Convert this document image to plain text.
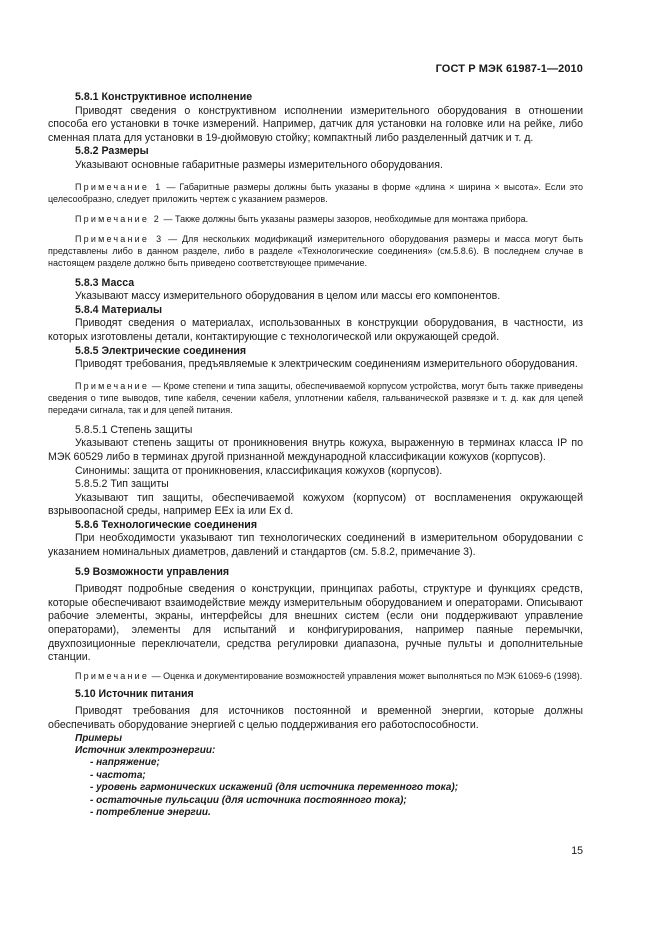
ГОСТ Р МЭК 61987-1—2010

5.8.1 Конструктивное исполнение

Приводят сведения о конструктивном исполнении измерительного оборудования в отношении способа его установки в точке измерений. Например, датчик для установки на головке или на рейке, либо сменная плата для установки в 19-дюймовую стойку; компактный либо разделенный датчик и т. д.

5.8.2 Размеры

Указывают основные габаритные размеры измерительного оборудования.

Примечание 1 — Габаритные размеры должны быть указаны в форме «длина × ширина × высота». Если это целесообразно, следует приложить чертеж с указанием размеров.

Примечание 2 — Также должны быть указаны размеры зазоров, необходимые для монтажа прибора.

Примечание 3 — Для нескольких модификаций измерительного оборудования размеры и масса могут быть представлены либо в данном разделе, либо в разделе «Технологические соединения» (см.5.8.6). В последнем случае в настоящем разделе должно быть приведено соответствующее примечание.

5.8.3 Масса

Указывают массу измерительного оборудования в целом или массы его компонентов.

5.8.4 Материалы

Приводят сведения о материалах, использованных в конструкции оборудования, в частности, из которых изготовлены детали, контактирующие с технологической или окружающей средой.

5.8.5 Электрические соединения

Приводят требования, предъявляемые к электрическим соединениям измерительного оборудования.

Примечание — Кроме степени и типа защиты, обеспечиваемой корпусом устройства, могут быть также приведены сведения о типе выводов, типе кабеля, сечении кабеля, уплотнении кабеля, гальванической развязке и т. д. как для цепей передачи сигнала, так и для цепей питания.

5.8.5.1 Степень защиты

Указывают степень защиты от проникновения внутрь кожуха, выраженную в терминах класса IP по МЭК 60529 либо в терминах другой признанной международной классификации кожухов (корпусов).

Синонимы: защита от проникновения, классификация кожухов (корпусов).

5.8.5.2 Тип защиты

Указывают тип защиты, обеспечиваемой кожухом (корпусом) от воспламенения окружающей взрывоопасной среды, например EEx ia или Ex d.

5.8.6 Технологические соединения

При необходимости указывают тип технологических соединений в измерительном оборудовании с указанием номинальных диаметров, давлений и стандартов (см. 5.8.2, примечание 3).

5.9 Возможности управления

Приводят подробные сведения о конструкции, принципах работы, структуре и функциях средств, которые обеспечивают взаимодействие между измерительным оборудованием и операторами. Описывают рабочие элементы, экраны, интерфейсы для внешних систем (если они поддерживают управление операторами), элементы для испытаний и конфигурирования, например паяные перемычки, двухпозиционные переключатели, средства регулировки диапазона, ручные пульты и дополнительные станции.

Примечание — Оценка и документирование возможностей управления может выполняться по МЭК 61069-6 (1998).

5.10 Источник питания

Приводят требования для источников постоянной и временной энергии, которые должны обеспечивать оборудование энергией с целью поддерживания его работоспособности.

Примеры

Источник электроэнергии:

- напряжение;

- частота;

- уровень гармонических искажений (для источника переменного тока);

- остаточные пульсации (для источника постоянного тока);

- потребление энергии.

15
